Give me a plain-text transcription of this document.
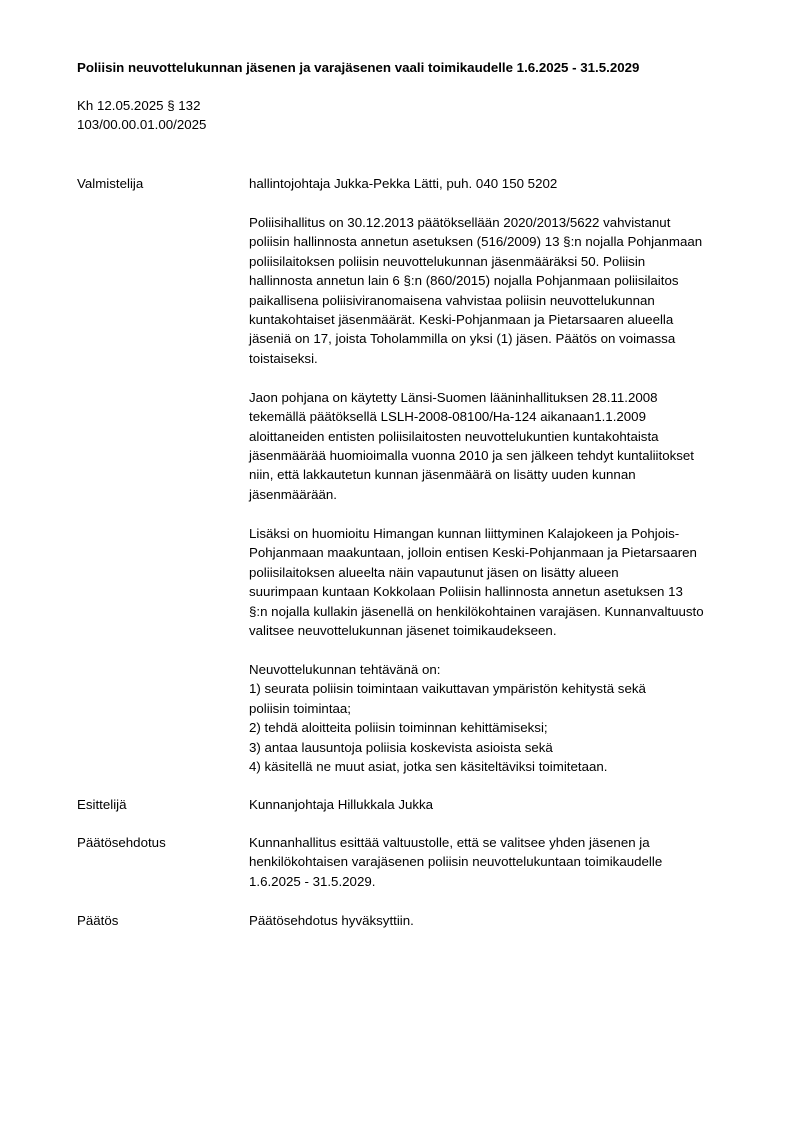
Poliisin neuvottelukunnan jäsenen ja varajäsenen vaali toimikaudelle 1.6.2025 - 31.5.2029
Kh 12.05.2025 § 132
103/00.00.01.00/2025
Valmistelija	hallintojohtaja Jukka-Pekka Lätti, puh. 040 150 5202
Poliisihallitus on 30.12.2013 päätöksellään 2020/2013/5622 vahvistanut
poliisin hallinnosta annetun asetuksen (516/2009) 13 §:n nojalla Pohjanmaan
poliisilaitoksen poliisin neuvottelukunnan jäsenmääräksi 50. Poliisin
hallinnosta annetun lain 6 §:n (860/2015) nojalla Pohjanmaan poliisilaitos
paikallisena poliisiviranomaisena vahvistaa poliisin neuvottelukunnan
kuntakohtaiset jäsenmäärät. Keski-Pohjanmaan ja Pietarsaaren alueella
jäseniä on 17, joista Toholammilla on yksi (1) jäsen. Päätös on voimassa
toistaiseksi.
Jaon pohjana on käytetty Länsi-Suomen lääninhallituksen 28.11.2008
tekemällä päätöksellä LSLH-2008-08100/Ha-124 aikanaan1.1.2009
aloittaneiden entisten poliisilaitosten neuvottelukuntien kuntakohtaista
jäsenmäärää huomioimalla vuonna 2010 ja sen jälkeen tehdyt kuntaliitokset
niin, että lakkautetun kunnan jäsenmäärä on lisätty uuden kunnan
jäsenmäärään.
Lisäksi on huomioitu Himangan kunnan liittyminen Kalajokeen ja Pohjois-
Pohjanmaan maakuntaan, jolloin entisen Keski-Pohjanmaan ja Pietarsaaren
poliisilaitoksen alueelta näin vapautunut jäsen on lisätty alueen
suurimpaan kuntaan Kokkolaan Poliisin hallinnosta annetun asetuksen 13
§:n nojalla kullakin jäsenellä on henkilökohtainen varajäsen. Kunnanvaltuusto
valitsee neuvottelukunnan jäsenet toimikaudekseen.
Neuvottelukunnan tehtävänä on:
1) seurata poliisin toimintaan vaikuttavan ympäristön kehitystä sekä
poliisin toimintaa;
2) tehdä aloitteita poliisin toiminnan kehittämiseksi;
3) antaa lausuntoja poliisia koskevista asioista sekä
4) käsitellä ne muut asiat, jotka sen käsiteltäviksi toimitetaan.
Esittelijä	Kunnanjohtaja Hillukkala Jukka
Päätösehdotus	Kunnanhallitus esittää valtuustolle, että se valitsee yhden jäsenen ja
henkilökohtaisen varajäsenen poliisin neuvottelukuntaan toimikaudelle
1.6.2025 - 31.5.2029.
Päätös	Päätösehdotus hyväksyttiin.
